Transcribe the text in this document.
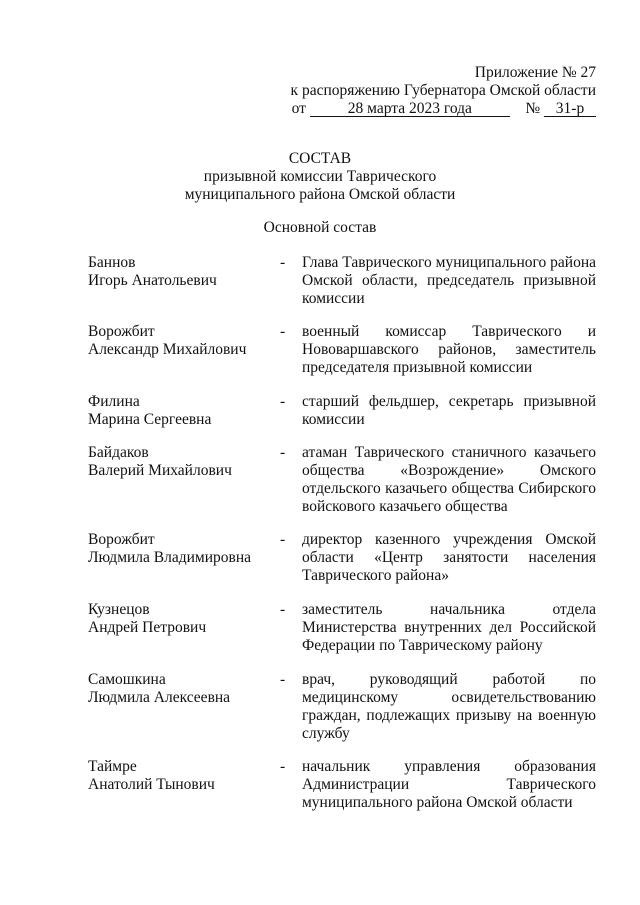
Приложение № 27
к распоряжению Губернатора Омской области
от	28 марта 2023 года	№ 31-р
СОСТАВ
призывной комиссии Таврического муниципального района Омской области
Основной состав
Баннов
Игорь Анатольевич
- Глава Таврического муниципального района Омской области, председатель призывной комиссии
Ворожбит
Александр Михайлович
- военный комиссар Таврического и Нововаршавского районов, заместитель председателя призывной комиссии
Филина
Марина Сергеевна
- старший фельдшер, секретарь призывной комиссии
Байдаков
Валерий Михайлович
- атаман Таврического станичного казачьего общества «Возрождение» Омского отдельского казачьего общества Сибирского войскового казачьего общества
Ворожбит
Людмила Владимировна
- директор казенного учреждения Омской области «Центр занятости населения Таврического района»
Кузнецов
Андрей Петрович
- заместитель начальника отдела Министерства внутренних дел Российской Федерации по Таврическому району
Самошкина
Людмила Алексеевна
- врач, руководящий работой по медицинскому освидетельствованию граждан, подлежащих призыву на военную службу
Таймре
Анатолий Тынович
- начальник управления образования Администрации Таврического муниципального района Омской области
